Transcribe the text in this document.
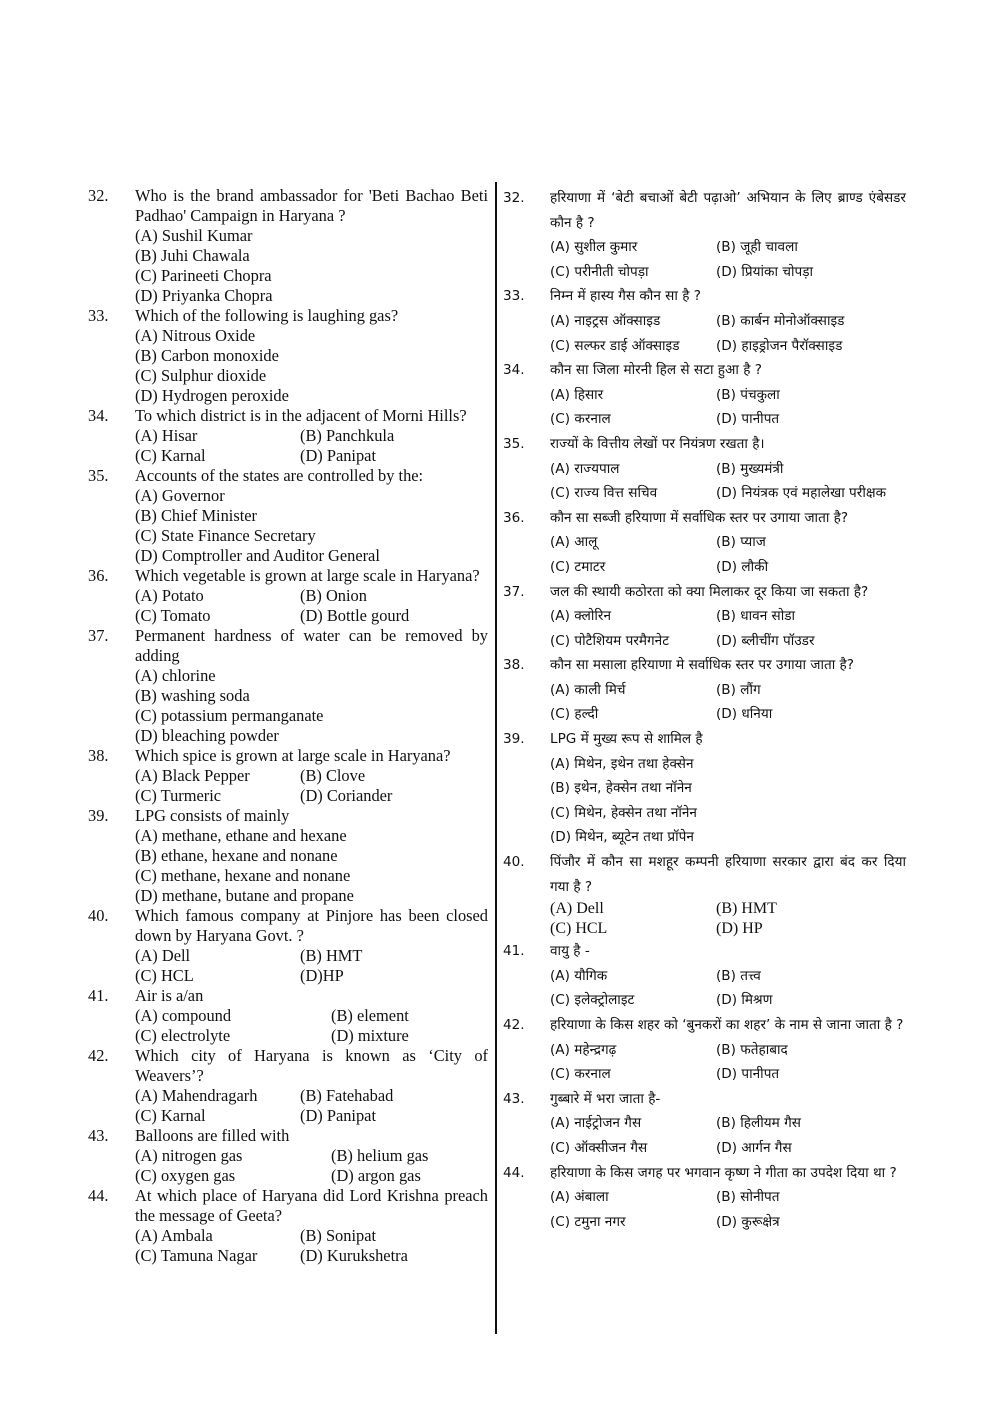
32.	Who is the brand ambassador for 'Beti Bachao Beti Padhao' Campaign in Haryana ?
(A) Sushil Kumar
(B) Juhi Chawala
(C) Parineeti Chopra
(D) Priyanka Chopra
33.	Which of the following is laughing gas?
(A) Nitrous Oxide
(B) Carbon monoxide
(C) Sulphur dioxide
(D) Hydrogen peroxide
34.	To which district is in the adjacent of Morni Hills?
(A) Hisar	(B) Panchkula
(C) Karnal	(D) Panipat
35.	Accounts of the states are controlled by the:
(A) Governor
(B) Chief Minister
(C) State Finance Secretary
(D) Comptroller and Auditor General
36.	Which vegetable is grown at large scale in Haryana?
(A) Potato	(B) Onion
(C) Tomato	(D) Bottle gourd
37.	Permanent hardness of water can be removed by adding
(A) chlorine
(B) washing soda
(C) potassium permanganate
(D) bleaching powder
38.	Which spice is grown at large scale in Haryana?
(A) Black Pepper	(B) Clove
(C) Turmeric	(D) Coriander
39.	LPG consists of mainly
(A) methane, ethane and hexane
(B) ethane, hexane and nonane
(C) methane, hexane and nonane
(D) methane, butane and propane
40.	Which famous company at Pinjore has been closed down by Haryana Govt. ?
(A) Dell	(B) HMT
(C) HCL	(D)HP
41.	Air is a/an
(A) compound	(B) element
(C) electrolyte	(D) mixture
42.	Which city of Haryana is known as ‘City of Weavers’?
(A) Mahendragarh	(B) Fatehabad
(C) Karnal	(D) Panipat
43.	Balloons are filled with
(A) nitrogen gas	(B) helium gas
(C) oxygen gas	(D) argon gas
44.	At which place of Haryana did Lord Krishna preach the message of Geeta?
(A) Ambala	(B) Sonipat
(C) Tamuna Nagar	(D) Kurukshetra
32.	हरियाणा में ‘बेटी बचाओं बेटी पढ़ाओ’ अभियान के लिए ब्राण्ड एंबेसडर कौन है ?
(A) सुशील कुमार	(B) जूही चावला
(C) परीनीती चोपड़ा	(D) प्रियांका चोपड़ा
33.	निम्न में हास्य गैस कौन सा है ?
(A) नाइट्रस ऑक्साइड	(B) कार्बन मोनोऑक्साइड
(C) सल्फर डाई ऑक्साइड	(D) हाइड्रोजन पैरॉक्साइड
34.	कौन सा जिला मोरनी हिल से सटा हुआ है ?
(A) हिसार	(B) पंचकुला
(C) करनाल	(D) पानीपत
35.	राज्यों के वित्तीय लेखों पर नियंत्रण रखता है।
(A) राज्यपाल	(B) मुख्यमंत्री
(C) राज्य वित्त सचिव	(D) नियंत्रक एवं महालेखा परीक्षक
36.	कौन सा सब्जी हरियाणा में सर्वाधिक स्तर पर उगाया जाता है?
(A) आलू	(B) प्याज
(C) टमाटर	(D) लौकी
37.	जल की स्थायी कठोरता को क्या मिलाकर दूर किया जा सकता है?
(A) क्लोरिन	(B) धावन सोडा
(C) पोटैशियम परमैगनेट	(D) ब्लीचींग पॉउडर
38.	कौन सा मसाला हरियाणा मे सर्वाधिक स्तर पर उगाया जाता है?
(A) काली मिर्च	(B) लौंग
(C) हल्दी	(D) धनिया
39.	LPG में मुख्य रूप से शामिल है
(A) मिथेन, इथेन तथा हेक्सेन
(B) इथेन, हेक्सेन तथा नॉनेन
(C) मिथेन, हेक्सेन तथा नॉनेन
(D) मिथेन, ब्यूटेन तथा प्रॉपेन
40.	पिंजौर में कौन सा मशहूर कम्पनी हरियाणा सरकार द्वारा बंद कर दिया गया है ?
(A) Dell	(B) HMT
(C) HCL	(D) HP
41.	वायु है -
(A) यौगिक	(B) तत्त्व
(C) इलेक्ट्रोलाइट	(D) मिश्रण
42.	हरियाणा के किस शहर को ‘बुनकरों का शहर’ के नाम से जाना जाता है ?
(A) महेन्द्रगढ़	(B) फतेहाबाद
(C) करनाल	(D) पानीपत
43.	गुब्बारे में भरा जाता है-
(A) नाईट्रोजन गैस	(B) हिलीयम गैस
(C) ऑक्सीजन गैस	(D) आर्गन गैस
44.	हरियाणा के किस जगह पर भगवान कृष्ण ने गीता का उपदेश दिया था ?
(A) अंबाला	(B) सोनीपत
(C) टमुना नगर	(D) कुरूक्षेत्र
